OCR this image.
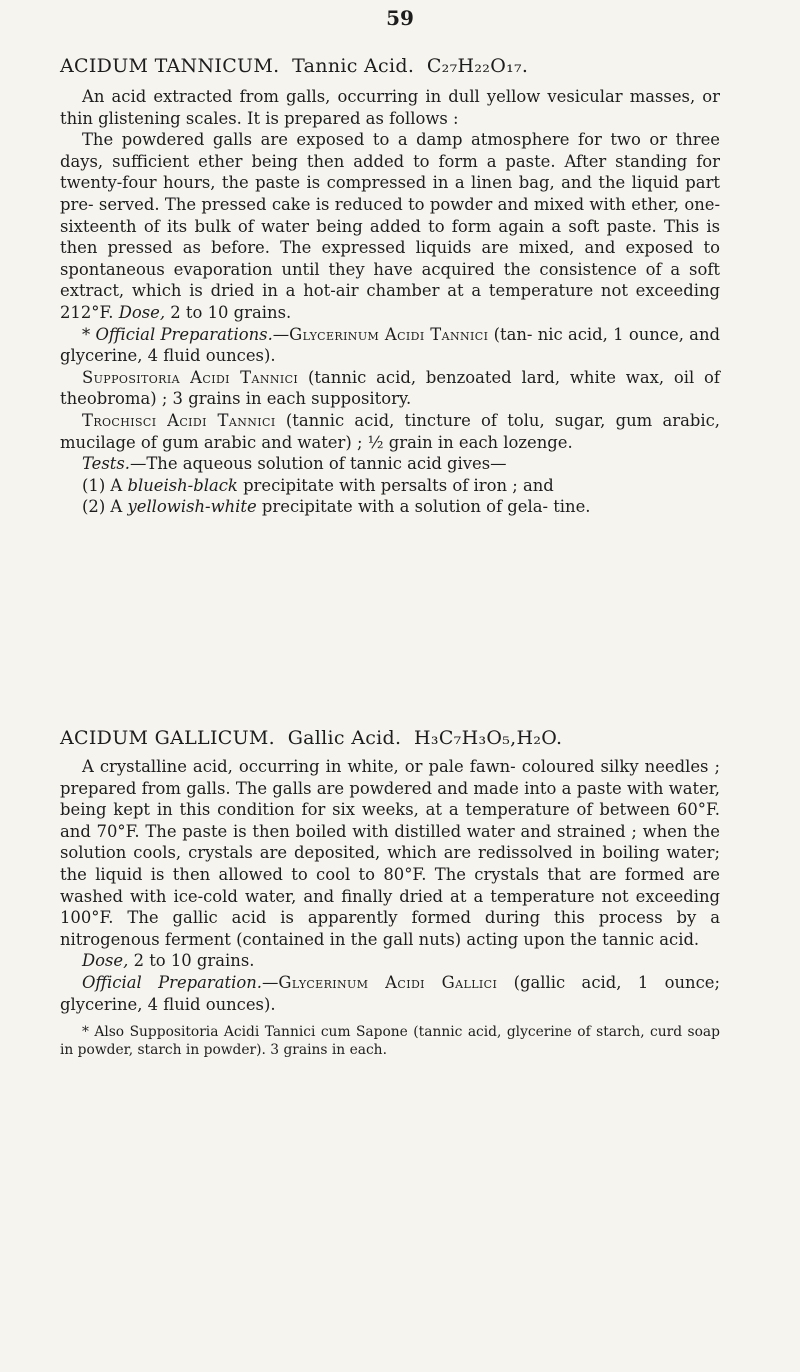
59
ACIDUM TANNICUM. Tannic Acid. C₂₇H₂₂O₁₇.

An acid extracted from galls, occurring in dull yellow vesicular masses, or thin glistening scales. It is prepared as follows :

The powdered galls are exposed to a damp atmosphere for two or three days, sufficient ether being then added to form a paste. After standing for twenty-four hours, the paste is compressed in a linen bag, and the liquid part pre- served. The pressed cake is reduced to powder and mixed with ether, one-sixteenth of its bulk of water being added to form again a soft paste. This is then pressed as before. The expressed liquids are mixed, and exposed to spontaneous evaporation until they have acquired the consistence of a soft extract, which is dried in a hot-air chamber at a temperature not exceeding 212°F. Dose, 2 to 10 grains.

* Official Preparations.—Glycerinum Acidi Tannici (tan- nic acid, 1 ounce, and glycerine, 4 fluid ounces).

Suppositoria Acidi Tannici (tannic acid, benzoated lard, white wax, oil of theobroma) ; 3 grains in each suppository.

Trochisci Acidi Tannici (tannic acid, tincture of tolu, sugar, gum arabic, mucilage of gum arabic and water) ; ½ grain in each lozenge.

Tests.—The aqueous solution of tannic acid gives—

(1) A blueish-black precipitate with persalts of iron ; and

(2) A yellowish-white precipitate with a solution of gela- tine.

ACIDUM GALLICUM. Gallic Acid. H₃C₇H₃O₅,H₂O.

A crystalline acid, occurring in white, or pale fawn- coloured silky needles ; prepared from galls. The galls are powdered and made into a paste with water, being kept in this condition for six weeks, at a temperature of between 60°F. and 70°F. The paste is then boiled with distilled water and strained ; when the solution cools, crystals are deposited, which are redissolved in boiling water; the liquid is then allowed to cool to 80°F. The crystals that are formed are washed with ice-cold water, and finally dried at a temperature not exceeding 100°F. The gallic acid is apparently formed during this process by a nitrogenous ferment (contained in the gall nuts) acting upon the tannic acid.

Dose, 2 to 10 grains.

Official Preparation.—Glycerinum Acidi Gallici (gallic acid, 1 ounce; glycerine, 4 fluid ounces).

* Also Suppositoria Acidi Tannici cum Sapone (tannic acid, glycerine of starch, curd soap in powder, starch in powder). 3 grains in each.
